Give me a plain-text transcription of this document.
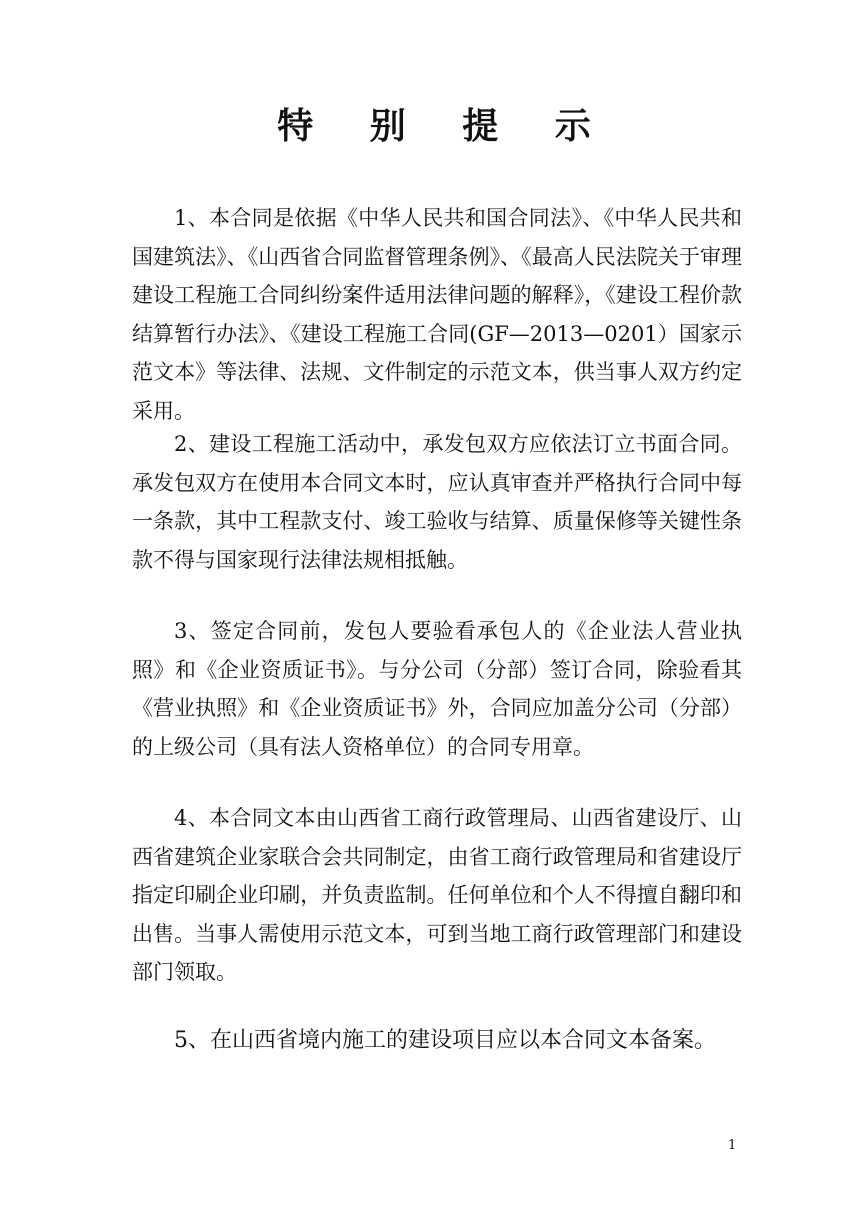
特 别 提 示

1、本合同是依据《中华人民共和国合同法》、《中华人民共和国建筑法》、《山西省合同监督管理条例》、《最高人民法院关于审理建设工程施工合同纠纷案件适用法律问题的解释》，《建设工程价款结算暂行办法》、《建设工程施工合同(GF—2013—0201）国家示范文本》等法律、法规、文件制定的示范文本，供当事人双方约定采用。

2、建设工程施工活动中，承发包双方应依法订立书面合同。承发包双方在使用本合同文本时，应认真审查并严格执行合同中每一条款，其中工程款支付、竣工验收与结算、质量保修等关键性条款不得与国家现行法律法规相抵触。

3、签定合同前，发包人要验看承包人的《企业法人营业执照》和《企业资质证书》。与分公司（分部）签订合同，除验看其《营业执照》和《企业资质证书》外，合同应加盖分公司（分部）的上级公司（具有法人资格单位）的合同专用章。

4、本合同文本由山西省工商行政管理局、山西省建设厅、山西省建筑企业家联合会共同制定，由省工商行政管理局和省建设厅指定印刷企业印刷，并负责监制。任何单位和个人不得擅自翻印和出售。当事人需使用示范文本，可到当地工商行政管理部门和建设部门领取。

5、在山西省境内施工的建设项目应以本合同文本备案。

1
